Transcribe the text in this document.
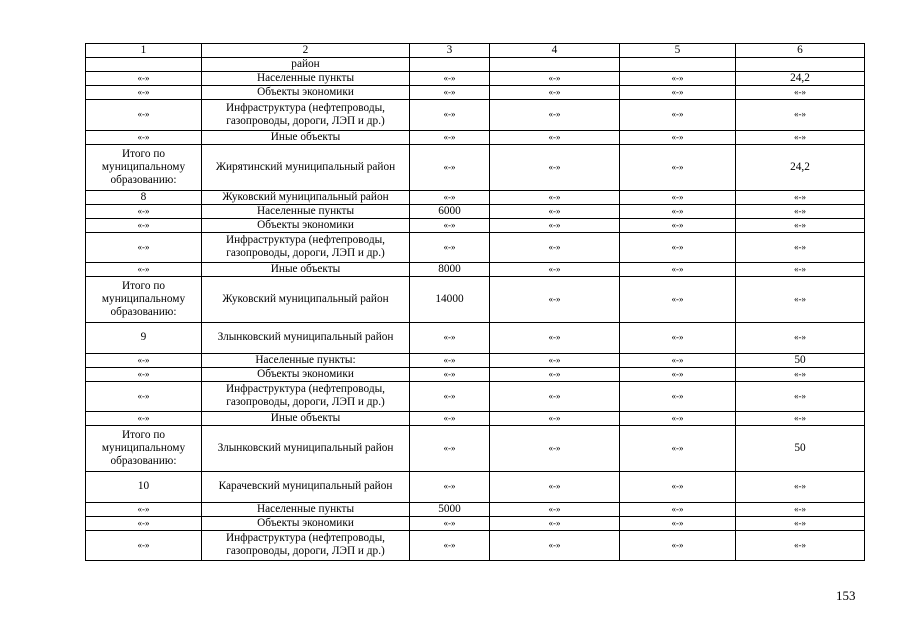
1	2	3	4	5	6
	район				
«-»	Населенные пункты	«-»	«-»	«-»	24,2
«-»	Объекты экономики	«-»	«-»	«-»	«-»
«-»	Инфраструктура (нефтепроводы, газопроводы, дороги, ЛЭП и др.)	«-»	«-»	«-»	«-»
«-»	Иные объекты	«-»	«-»	«-»	«-»
Итого по муниципальному образованию:	Жирятинский муниципальный район	«-»	«-»	«-»	24,2
8	Жуковский муниципальный район	«-»	«-»	«-»	«-»
«-»	Населенные пункты	6000	«-»	«-»	«-»
«-»	Объекты экономики	«-»	«-»	«-»	«-»
«-»	Инфраструктура (нефтепроводы, газопроводы, дороги, ЛЭП и др.)	«-»	«-»	«-»	«-»
«-»	Иные объекты	8000	«-»	«-»	«-»
Итого по муниципальному образованию:	Жуковский муниципальный район	14000	«-»	«-»	«-»
9	Злынковский муниципальный район	«-»	«-»	«-»	«-»
«-»	Населенные пункты:	«-»	«-»	«-»	50
«-»	Объекты экономики	«-»	«-»	«-»	«-»
«-»	Инфраструктура (нефтепроводы, газопроводы, дороги, ЛЭП и др.)	«-»	«-»	«-»	«-»
«-»	Иные объекты	«-»	«-»	«-»	«-»
Итого по муниципальному образованию:	Злынковский муниципальный район	«-»	«-»	«-»	50
10	Карачевский муниципальный район	«-»	«-»	«-»	«-»
«-»	Населенные пункты	5000	«-»	«-»	«-»
«-»	Объекты экономики	«-»	«-»	«-»	«-»
«-»	Инфраструктура (нефтепроводы, газопроводы, дороги, ЛЭП и др.)	«-»	«-»	«-»	«-»
153
